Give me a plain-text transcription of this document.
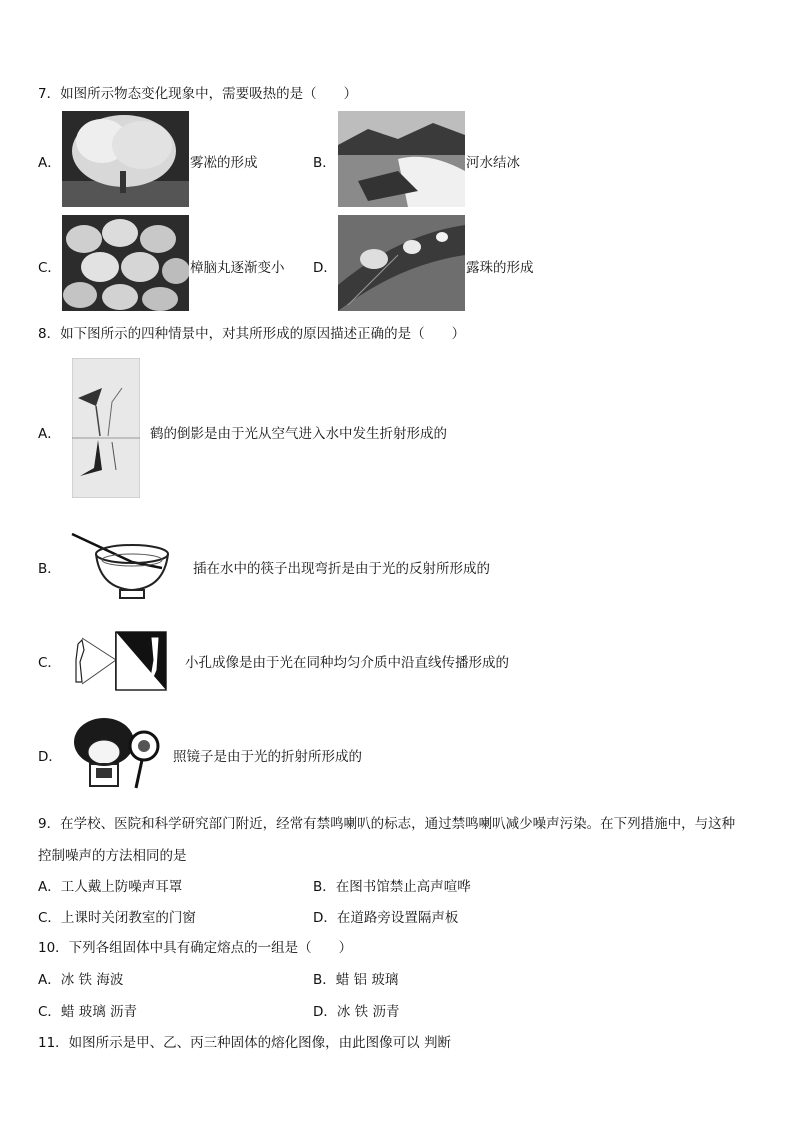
7．如图所示物态变化现象中，需要吸热的是（　　）
A．	雾凇的形成	B．	河水结冰
C．	樟脑丸逐渐变小 D．	露珠的形成
8．如下图所示的四种情景中，对其所形成的原因描述正确的是（　　）
A．	鹤的倒影是由于光从空气进入水中发生折射形成的
B．	插在水中的筷子出现弯折是由于光的反射所形成的
C．	小孔成像是由于光在同种均匀介质中沿直线传播形成的
D．	照镜子是由于光的折射所形成的
9．在学校、医院和科学研究部门附近，经常有禁鸣喇叭的标志，通过禁鸣喇叭减少噪声污染。在下列措施中，与这种
控制噪声的方法相同的是
A．工人戴上防噪声耳罩	B．在图书馆禁止高声喧哗
C．上课时关闭教室的门窗	D．在道路旁设置隔声板
10．下列各组固体中具有确定熔点的一组是（　　）
A．冰 铁 海波	B．蜡 铝 玻璃
C．蜡 玻璃 沥青	D．冰 铁 沥青
11．如图所示是甲、乙、丙三种固体的熔化图像，由此图像可以 判断
